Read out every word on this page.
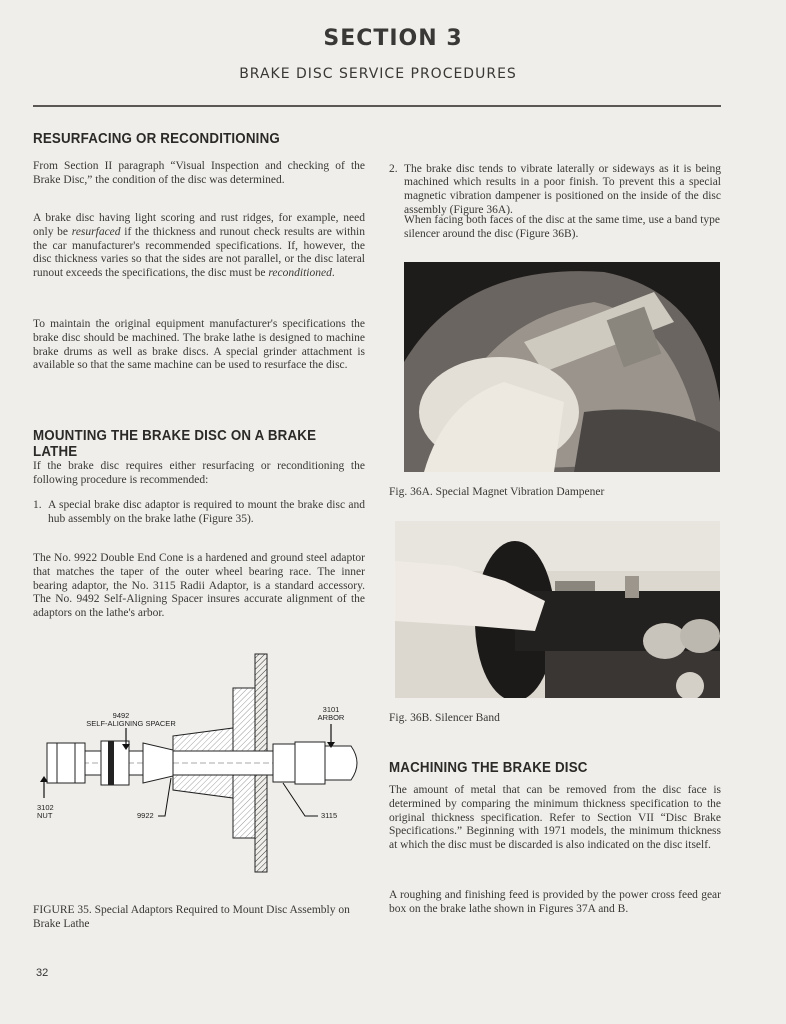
SECTION 3
BRAKE DISC SERVICE PROCEDURES
RESURFACING OR RECONDITIONING
From Section II paragraph “Visual Inspection and checking of the Brake Disc,” the condition of the disc was determined.
A brake disc having light scoring and rust ridges, for example, need only be resurfaced if the thickness and runout check results are within the car manufacturer's recommended specifications. If, however, the disc thickness varies so that the sides are not parallel, or the disc lateral runout exceeds the specifications, the disc must be reconditioned.
To maintain the original equipment manufacturer's specifications the brake disc should be machined. The brake lathe is designed to machine brake drums as well as brake discs. A special grinder attachment is available so that the same machine can be used to resurface the disc.
MOUNTING THE BRAKE DISC ON A BRAKE LATHE
If the brake disc requires either resurfacing or reconditioning the following procedure is recommended:
1. A special brake disc adaptor is required to mount the brake disc and hub assembly on the brake lathe (Figure 35).
The No. 9922 Double End Cone is a hardened and ground steel adaptor that matches the taper of the outer wheel bearing race. The inner bearing adaptor, the No. 3115 Radii Adaptor, is a standard accessory. The No. 9492 Self-Aligning Spacer insures accurate alignment of the adaptors on the lathe's arbor.
9492
SELF-ALIGNING SPACER
3101
ARBOR
3102
NUT	9922	3115
FIGURE 35. Special Adaptors Required to Mount Disc Assembly on Brake Lathe
32
2. The brake disc tends to vibrate laterally or sideways as it is being machined which results in a poor finish. To prevent this a special magnetic vibration dampener is positioned on the inside of the disc assembly (Figure 36A).
When facing both faces of the disc at the same time, use a band type silencer around the disc (Figure 36B).
Fig. 36A. Special Magnet Vibration Dampener
Fig. 36B. Silencer Band
MACHINING THE BRAKE DISC
The amount of metal that can be removed from the disc face is determined by comparing the minimum thickness specification to the original thickness specification. Refer to Section VII “Disc Brake Specifications.” Beginning with 1971 models, the minimum thickness at which the disc must be discarded is also indicated on the disc itself.
A roughing and finishing feed is provided by the power cross feed gear box on the brake lathe shown in Figures 37A and B.
